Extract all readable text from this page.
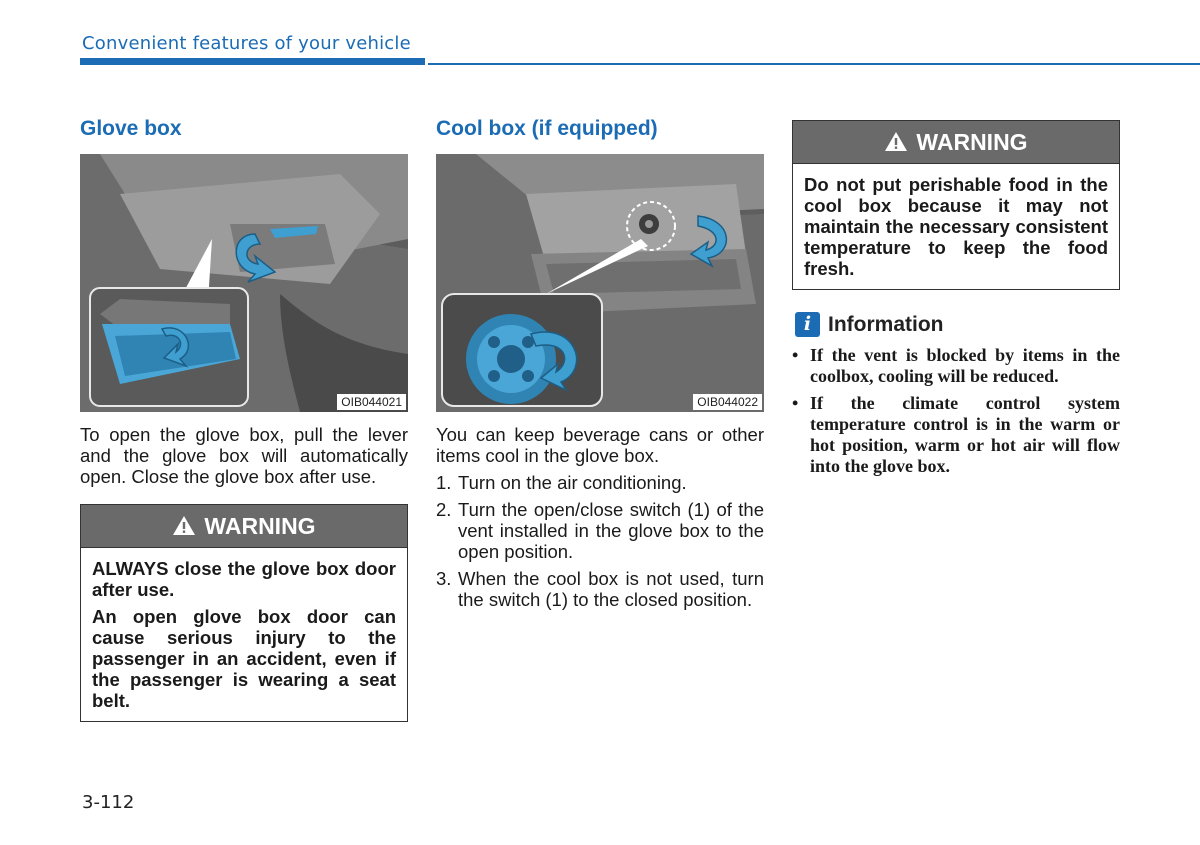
Convenient features of your vehicle
Glove box
OIB044021

To open the glove box, pull the lever and the glove box will automatically open. Close the glove box after use.

WARNING

ALWAYS close the glove box door after use.

An open glove box door can cause serious injury to the passenger in an accident, even if the passenger is wearing a seat belt.

Cool box (if equipped)
OIB044022

You can keep beverage cans or other items cool in the glove box.

1. Turn on the air conditioning.
2. Turn the open/close switch (1) of the vent installed in the glove box to the open position.
3. When the cool box is not used, turn the switch (1) to the closed position.
WARNING

Do not put perishable food in the cool box because it may not maintain the necessary consistent temperature to keep the food fresh.

i Information
• If the vent is blocked by items in the coolbox, cooling will be reduced.
• If the climate control system temperature control is in the warm or hot position, warm or hot air will flow into the glove box.
3-112
